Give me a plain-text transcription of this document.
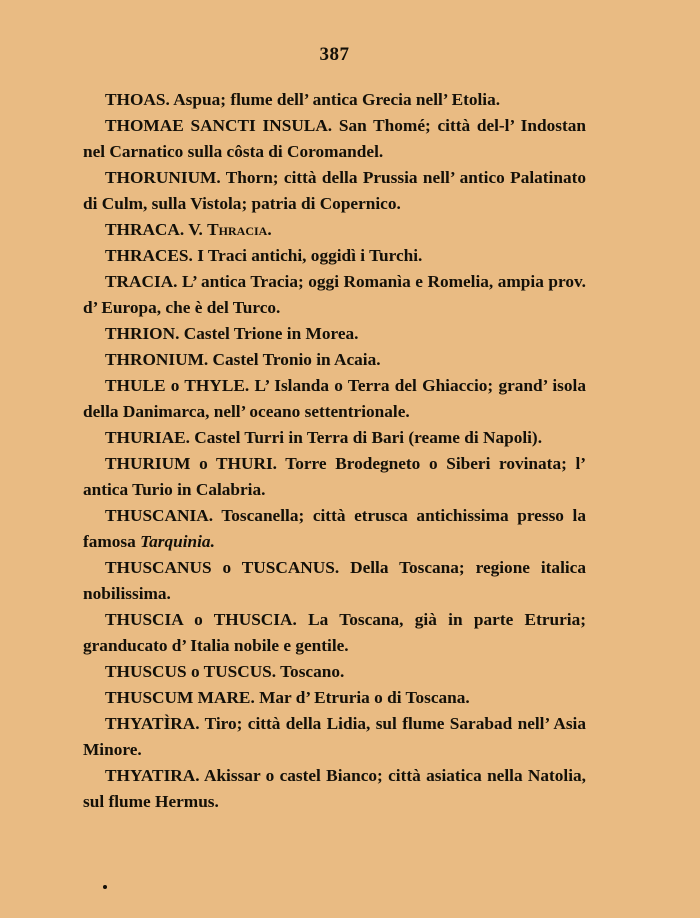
387

THOAS. Aspua; flume dell’ antica Grecia nell’ Etolia.

THOMAE SANCTI INSULA. San Thomé; città del-l’ Indostan nel Carnatico sulla côsta di Coromandel.

THORUNIUM. Thorn; città della Prussia nell’ antico Palatinato di Culm, sulla Vistola; patria di Copernico.

THRACA. V. Thracia.

THRACES. I Traci antichi, oggidì i Turchi.

TRACIA. L’ antica Tracia; oggi Romanìa e Romelia, ampia prov. d’ Europa, che è del Turco.

THRION. Castel Trione in Morea.

THRONIUM. Castel Tronio in Acaia.

THULE o THYLE. L’ Islanda o Terra del Ghiaccio; grand’ isola della Danimarca, nell’ oceano settentrionale.

THURIAE. Castel Turri in Terra di Bari (reame di Napoli).

THURIUM o THURI. Torre Brodegneto o Siberi rovinata; l’ antica Turio in Calabria.

THUSCANIA. Toscanella; città etrusca antichissima presso la famosa Tarquinia.

THUSCANUS o TUSCANUS. Della Toscana; regione italica nobilissima.

THUSCIA o THUSCIA. La Toscana, già in parte Etruria; granducato d’ Italia nobile e gentile.

THUSCUS o TUSCUS. Toscano.

THUSCUM MARE. Mar d’ Etruria o di Toscana.

THYATÌRA. Tiro; città della Lidia, sul flume Sarabad nell’ Asia Minore.

THYATIRA. Akissar o castel Bianco; città asiatica nella Natolia, sul flume Hermus.
